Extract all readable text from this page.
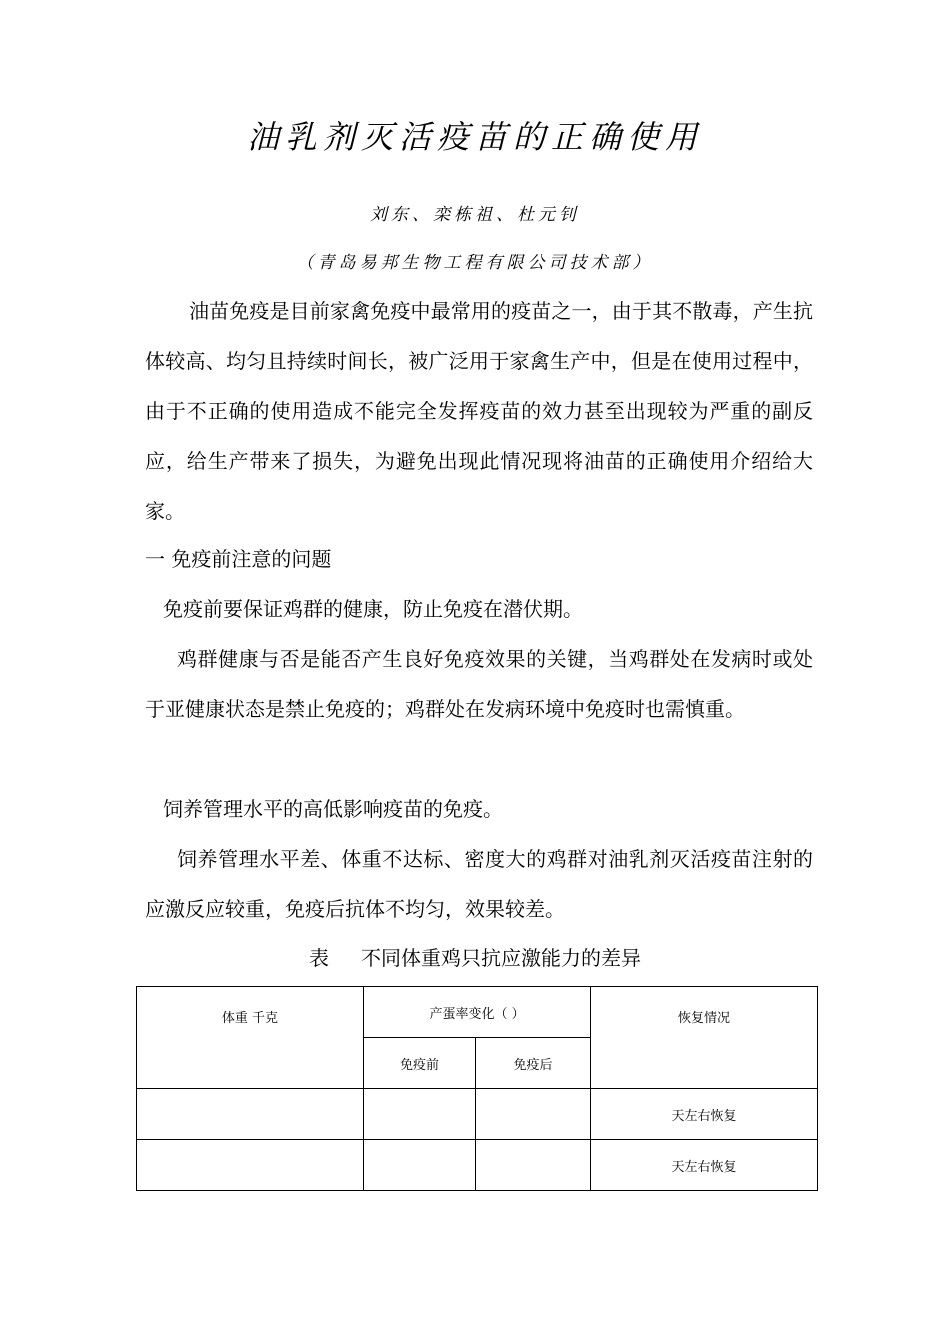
油乳剂灭活疫苗的正确使用
刘东、栾栋祖、杜元钊
（青岛易邦生物工程有限公司技术部）
油苗免疫是目前家禽免疫中最常用的疫苗之一，由于其不散毒，产生抗体较高、均匀且持续时间长，被广泛用于家禽生产中，但是在使用过程中，由于不正确的使用造成不能完全发挥疫苗的效力甚至出现较为严重的副反应，给生产带来了损失，为避免出现此情况现将油苗的正确使用介绍给大家。
一 免疫前注意的问题
免疫前要保证鸡群的健康，防止免疫在潜伏期。
鸡群健康与否是能否产生良好免疫效果的关键，当鸡群处在发病时或处于亚健康状态是禁止免疫的；鸡群处在发病环境中免疫时也需慎重。
饲养管理水平的高低影响疫苗的免疫。
饲养管理水平差、体重不达标、密度大的鸡群对油乳剂灭活疫苗注射的应激反应较重，免疫后抗体不均匀，效果较差。
表 不同体重鸡只抗应激能力的差异
体重 千克	产蛋率变化（ ）		恢复情况
	免疫前	免疫后	
			天左右恢复
			天左右恢复
